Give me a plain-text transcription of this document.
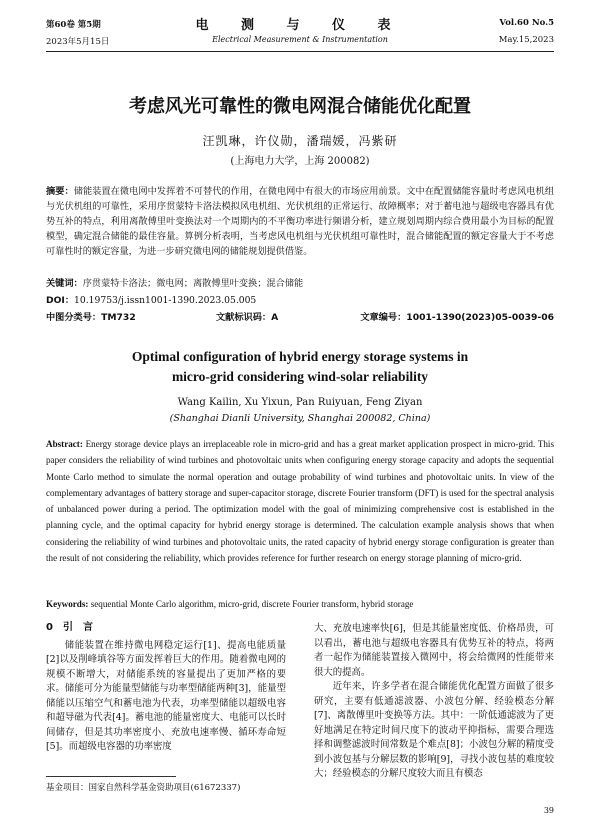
第60卷 第5期
2023年5月15日
电 测 与 仪 表
Electrical Measurement & Instrumentation
Vol.60 No.5
May.15,2023
考虑风光可靠性的微电网混合储能优化配置
汪凯琳，许仪勋，潘瑞媛，冯紫研
(上海电力大学，上海 200082)
摘要：储能装置在微电网中发挥着不可替代的作用，在微电网中有很大的市场应用前景。文中在配置储能容量时考虑风电机组与光伏机组的可靠性，采用序贯蒙特卡洛法模拟风电机组、光伏机组的正常运行、故障概率；对于蓄电池与超级电容器具有优势互补的特点，利用离散傅里叶变换法对一个周期内的不平衡功率进行频谱分析，建立规划周期内综合费用最小为目标的配置模型，确定混合储能的最佳容量。算例分析表明，当考虑风电机组与光伏机组可靠性时，混合储能配置的额定容量大于不考虑可靠性时的额定容量，为进一步研究微电网的储能规划提供借鉴。
关键词：序贯蒙特卡洛法；微电网；离散傅里叶变换；混合储能
DOI：10.19753/j.issn1001-1390.2023.05.005
中图分类号：TM732	文献标识码：A	文章编号：1001-1390(2023)05-0039-06
Optimal configuration of hybrid energy storage systems in
micro-grid considering wind-solar reliability
Wang Kailin, Xu Yixun, Pan Ruiyuan, Feng Ziyan
(Shanghai Dianli University, Shanghai 200082, China)
Abstract: Energy storage device plays an irreplaceable role in micro-grid and has a great market application prospect in micro-grid. This paper considers the reliability of wind turbines and photovoltaic units when configuring energy storage capacity and adopts the sequential Monte Carlo method to simulate the normal operation and outage probability of wind turbines and photovoltaic units. In view of the complementary advantages of battery storage and super-capacitor storage, discrete Fourier transform (DFT) is used for the spectral analysis of unbalanced power during a period. The optimization model with the goal of minimizing comprehensive cost is established in the planning cycle, and the optimal capacity for hybrid energy storage is determined. The calculation example analysis shows that when considering the reliability of wind turbines and photovoltaic units, the rated capacity of hybrid energy storage configuration is greater than the result of not considering the reliability, which provides reference for further research on energy storage planning of micro-grid.
Keywords: sequential Monte Carlo algorithm, micro-grid, discrete Fourier transform, hybrid storage
0　引　言

储能装置在维持微电网稳定运行[1]、提高电能质量[2]以及削峰填谷等方面发挥着巨大的作用。随着微电网的规模不断增大，对储能系统的容量提出了更加严格的要求。储能可分为能量型储能与功率型储能两种[3]，能量型储能以压缩空气和蓄电池为代表，功率型储能以超级电容和超导磁为代表[4]。蓄电池的能量密度大、电能可以长时间储存，但是其功率密度小、充放电速率慢、循环寿命短[5]。而超级电容器的功率密度

大、充放电速率快[6]，但是其能量密度低、价格昂贵，可以看出，蓄电池与超级电容器具有优势互补的特点，将两者一起作为储能装置接入微网中，将会给微网的性能带来很大的提高。

近年来，许多学者在混合储能优化配置方面做了很多研究，主要有低通滤波器、小波包分解、经验模态分解[7]、离散傅里叶变换等方法。其中：一阶低通滤波为了更好地满足在特定时间尺度下的波动平抑指标，需要合理选择和调整滤波时间常数是个难点[8]；小波包分解的精度受到小波包基与分解层数的影响[9]，寻找小波包基的难度较大；经验模态的分解尺度较大而且有模态

基金项目：国家自然科学基金资助项目(61672337)
39
